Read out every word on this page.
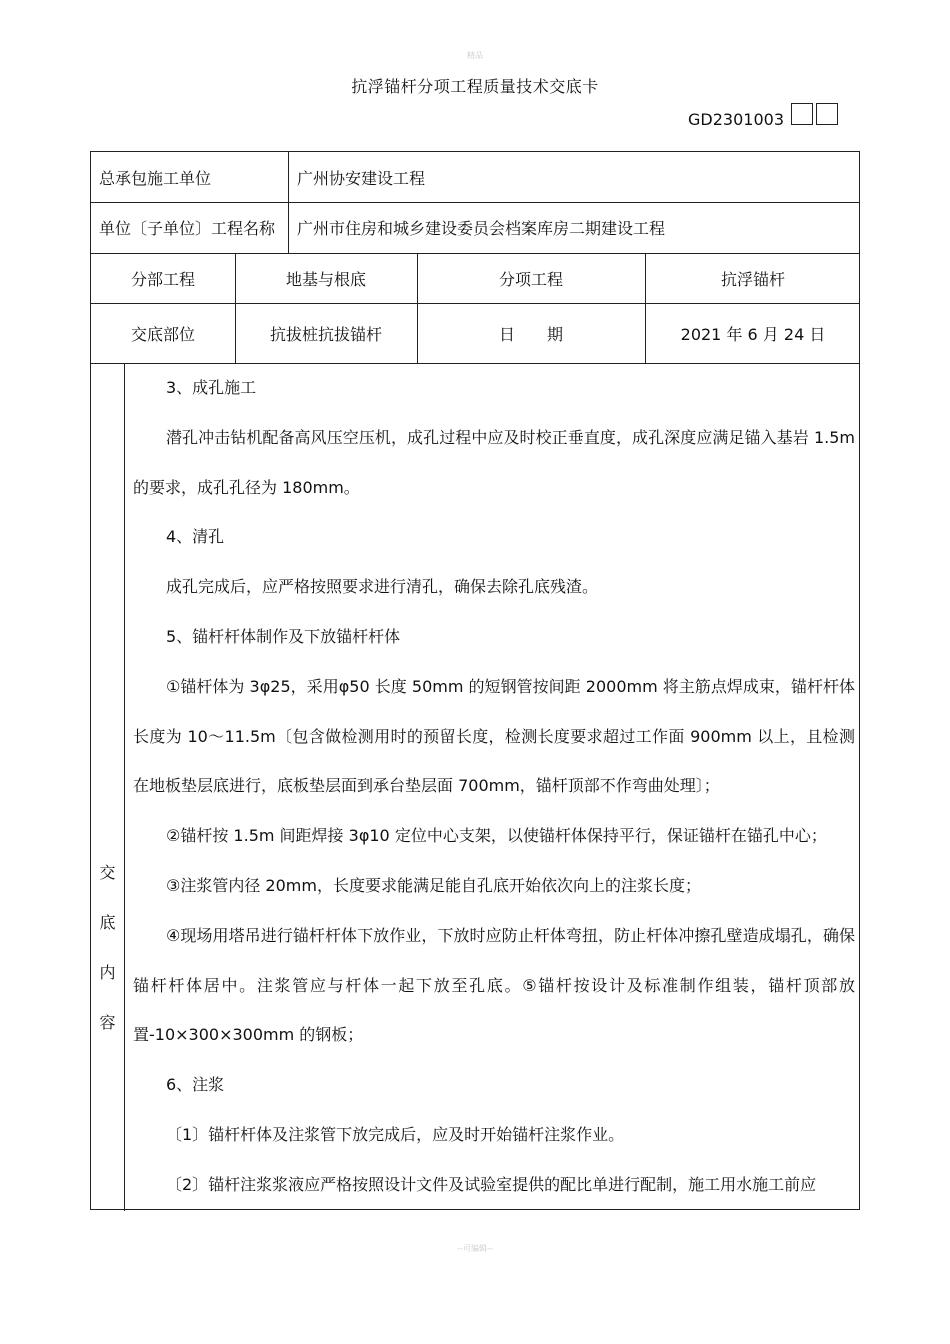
精品
抗浮锚杆分项工程质量技术交底卡
GD2301003
总承包施工单位	广州协安建设工程
单位〔子单位〕工程名称 广州市住房和城乡建设委员会档案库房二期建设工程
分部工程	地基与根底	分项工程	抗浮锚杆
交底部位	抗拔桩抗拔锚杆	日　　期	2021 年 6 月 24 日
交
底
内
容

3、成孔施工

潜孔冲击钻机配备高风压空压机，成孔过程中应及时校正垂直度，成孔深度应满足锚入基岩 1.5m 的要求，成孔孔径为 180mm。

4、清孔

成孔完成后，应严格按照要求进行清孔，确保去除孔底残渣。

5、锚杆杆体制作及下放锚杆杆体

①锚杆体为 3φ25，采用φ50 长度 50mm 的短钢管按间距 2000mm 将主筋点焊成束，锚杆杆体长度为 10～11.5m〔包含做检测用时的预留长度，检测长度要求超过工作面 900mm 以上，且检测在地板垫层底进行，底板垫层面到承台垫层面 700mm，锚杆顶部不作弯曲处理〕；

②锚杆按 1.5m 间距焊接 3φ10 定位中心支架，以使锚杆体保持平行，保证锚杆在锚孔中心；

③注浆管内径 20mm，长度要求能满足能自孔底开始依次向上的注浆长度；

④现场用塔吊进行锚杆杆体下放作业，下放时应防止杆体弯扭，防止杆体冲擦孔壁造成塌孔，确保锚杆杆体居中。注浆管应与杆体一起下放至孔底。⑤锚杆按设计及标准制作组装，锚杆顶部放置-10×300×300mm 的钢板；

6、注浆

〔1〕锚杆杆体及注浆管下放完成后，应及时开始锚杆注浆作业。

〔2〕锚杆注浆浆液应严格按照设计文件及试验室提供的配比单进行配制，施工用水施工前应

--可编辑--
